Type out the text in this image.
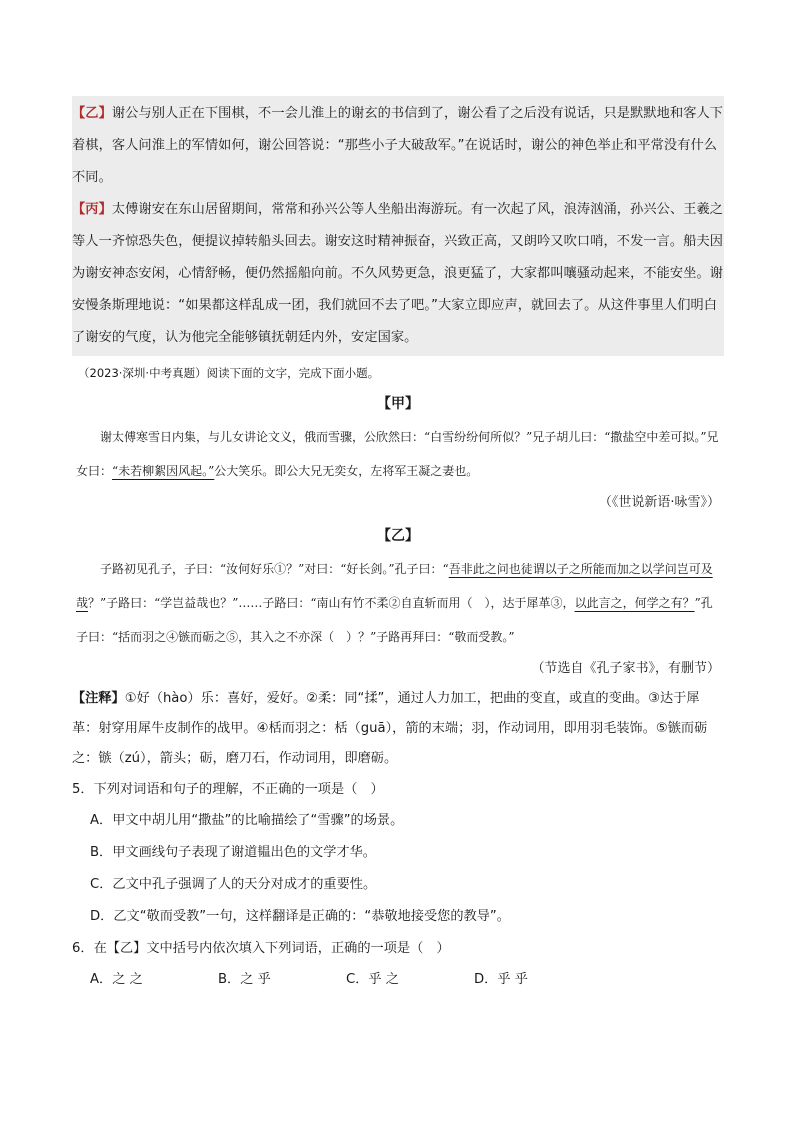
【乙】谢公与别人正在下围棋，不一会儿淮上的谢玄的书信到了，谢公看了之后没有说话，只是默默地和客人下着棋，客人问淮上的军情如何，谢公回答说：“那些小子大破敌军。”在说话时，谢公的神色举止和平常没有什么不同。

【丙】太傅谢安在东山居留期间，常常和孙兴公等人坐船出海游玩。有一次起了风，浪涛汹涌，孙兴公、王羲之等人一齐惊恐失色，便提议掉转船头回去。谢安这时精神振奋，兴致正高，又朗吟又吹口哨，不发一言。船夫因为谢安神态安闲，心情舒畅，便仍然摇船向前。不久风势更急，浪更猛了，大家都叫嚷骚动起来，不能安坐。谢安慢条斯理地说：“如果都这样乱成一团，我们就回不去了吧。”大家立即应声，就回去了。从这件事里人们明白了谢安的气度，认为他完全能够镇抚朝廷内外，安定国家。

（2023·深圳·中考真题）阅读下面的文字，完成下面小题。
【甲】
谢太傅寒雪日内集，与儿女讲论文义，俄而雪骤，公欣然曰：“白雪纷纷何所似？”兄子胡儿曰：“撒盐空中差可拟。”兄女曰：“未若柳絮因风起。”公大笑乐。即公大兄无奕女，左将军王凝之妻也。
（《世说新语·咏雪》）
【乙】
子路初见孔子，子曰：“汝何好乐①？”对曰：“好长剑。”孔子曰：“吾非此之问也徒谓以子之所能而加之以学问岂可及哉？”子路曰：“学岂益哉也？”……子路曰：“南山有竹不柔②自直斩而用（　），达于犀革③，以此言之，何学之有？”孔子曰：“括而羽之④镞而砺之⑤，其入之不亦深（　）？”子路再拜曰：“敬而受教。”
（节选自《孔子家书》，有删节）
【注释】①好（hào）乐：喜好，爱好。②柔：同“揉”，通过人力加工，把曲的变直，或直的变曲。③达于犀革：射穿用犀牛皮制作的战甲。④栝而羽之：栝（guā），箭的末端；羽，作动词用，即用羽毛装饰。⑤镞而砺之：镞（zú），箭头；砺，磨刀石，作动词用，即磨砺。
5．下列对词语和句子的理解，不正确的一项是（　）
A．甲文中胡儿用“撒盐”的比喻描绘了“雪骤”的场景。
B．甲文画线句子表现了谢道韫出色的文学才华。
C．乙文中孔子强调了人的天分对成才的重要性。
D．乙文“敬而受教”一句，这样翻译是正确的：“恭敬地接受您的教导”。
6．在【乙】文中括号内依次填入下列词语，正确的一项是（　）
A．之 之	B．之 乎	C．乎 之	D．乎 乎
